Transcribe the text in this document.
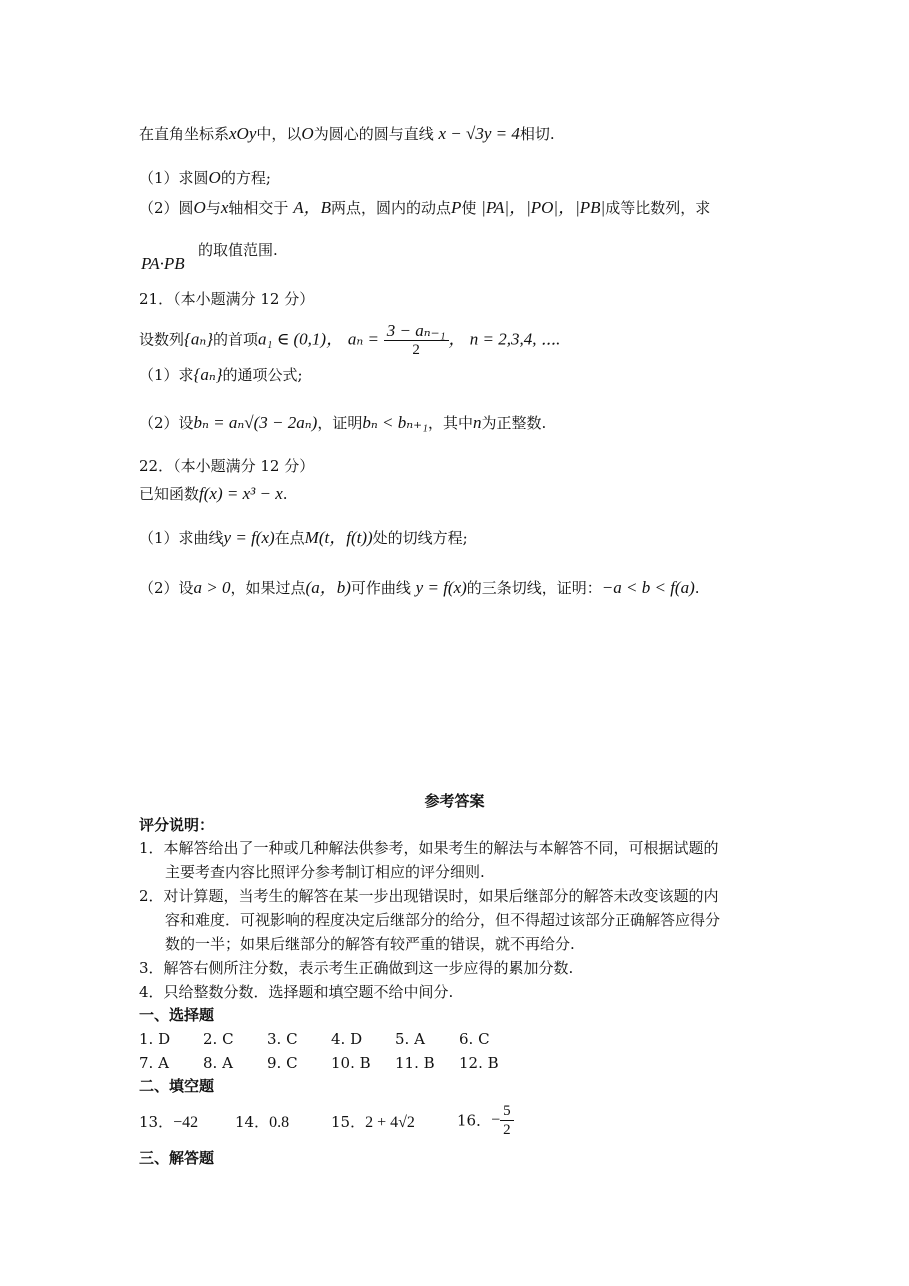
在直角坐标系xOy中，以O为圆心的圆与直线 x − √3y = 4相切.
（1）求圆O的方程;
（2）圆O与x轴相交于 A，B两点，圆内的动点P使 |PA|，|PO|，|PB|成等比数列，求
的取值范围.
PA·PB
21．（本小题满分 12 分）
设数列{aₙ}的首项a₁ ∈ (0,1)， $a_n = \frac{\text{3 − aₙ₋₁}}{2}$ ， n = 2,3,4, ⋯.
（1）求{aₙ}的通项公式;
（2）设bₙ = aₙ√(3 − 2aₙ)，证明bₙ < bₙ₊₁，其中n为正整数.
22．（本小题满分 12 分）
已知函数f(x) = x³ − x.
（1）求曲线y = f(x)在点M(t，f(t))处的切线方程;
（2）设a > 0，如果过点(a，b)可作曲线 y = f(x)的三条切线，证明：−a < b < f(a).
参考答案
评分说明：
1．本解答给出了一种或几种解法供参考，如果考生的解法与本解答不同，可根据试题的
主要考查内容比照评分参考制订相应的评分细则.
2．对计算题，当考生的解答在某一步出现错误时，如果后继部分的解答未改变该题的内
容和难度．可视影响的程度决定后继部分的给分，但不得超过该部分正确解答应得分
数的一半；如果后继部分的解答有较严重的错误，就不再给分.
3．解答右侧所注分数，表示考生正确做到这一步应得的累加分数.
4．只给整数分数．选择题和填空题不给中间分.
一、选择题
1. D 2. C 3. C 4. D 5. A 6. C
7. A 8. A 9. C 10. B 11. B 12. B
二、填空题
13．−42 14．0.8	15．2 + 4√2	16．− $\frac{5}{2}$
三、解答题
